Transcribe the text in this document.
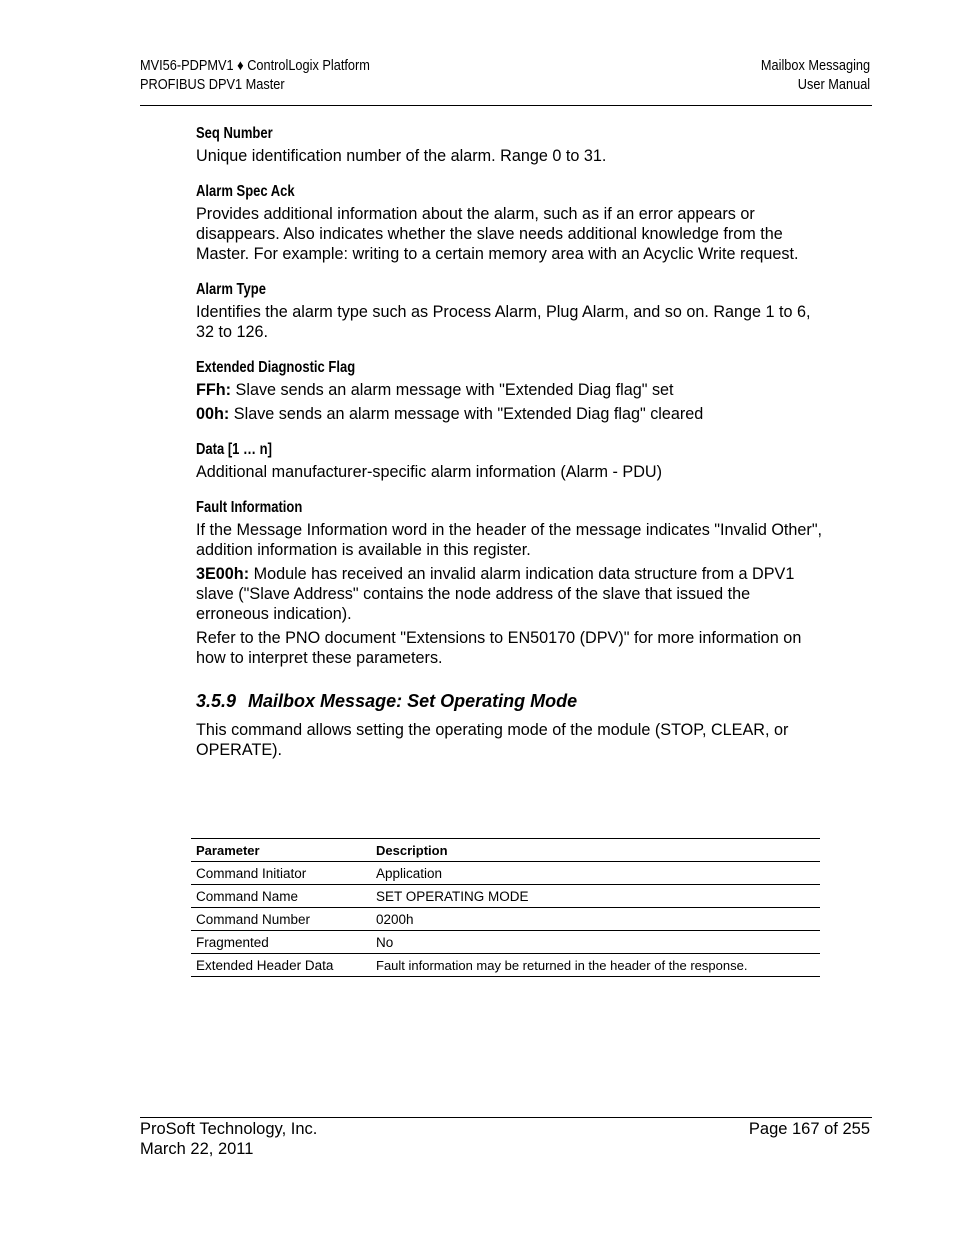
MVI56-PDPMV1 ♦ ControlLogix Platform
PROFIBUS DPV1 Master
Mailbox Messaging
User Manual
Seq Number
Unique identification number of the alarm. Range 0 to 31.
Alarm Spec Ack
Provides additional information about the alarm, such as if an error appears or disappears. Also indicates whether the slave needs additional knowledge from the Master. For example: writing to a certain memory area with an Acyclic Write request.
Alarm Type
Identifies the alarm type such as Process Alarm, Plug Alarm, and so on. Range 1 to 6, 32 to 126.
Extended Diagnostic Flag
FFh: Slave sends an alarm message with "Extended Diag flag" set
00h: Slave sends an alarm message with "Extended Diag flag" cleared
Data [1 … n]
Additional manufacturer-specific alarm information (Alarm - PDU)
Fault Information
If the Message Information word in the header of the message indicates "Invalid Other", addition information is available in this register.
3E00h: Module has received an invalid alarm indication data structure from a DPV1 slave ("Slave Address" contains the node address of the slave that issued the erroneous indication).
Refer to the PNO document "Extensions to EN50170 (DPV)" for more information on how to interpret these parameters.
3.5.9 Mailbox Message: Set Operating Mode
This command allows setting the operating mode of the module (STOP, CLEAR, or OPERATE).
Parameter	Description
Command Initiator	Application
Command Name	SET OPERATING MODE
Command Number	0200h
Fragmented	No
Extended Header Data	Fault information may be returned in the header of the response.
ProSoft Technology, Inc.
March 22, 2011
Page 167 of 255
